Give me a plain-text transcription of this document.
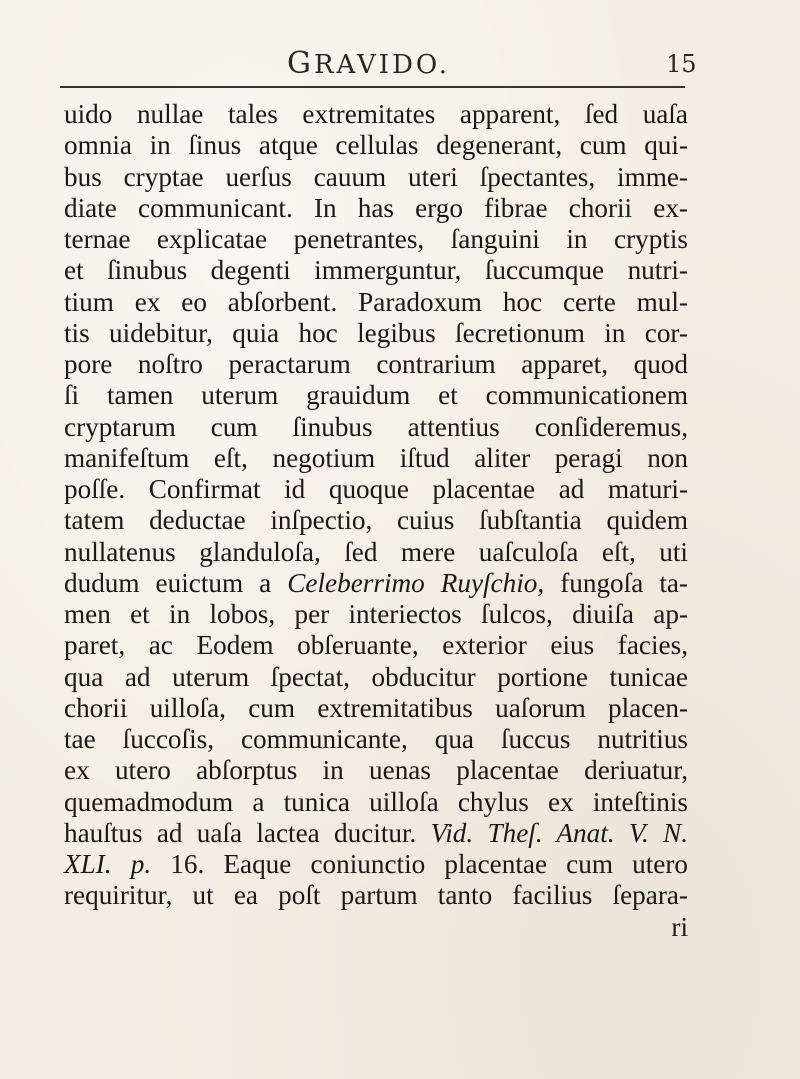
GRAVIDO.	15
uido nullae tales extremitates apparent, ſed uaſa
omnia in ſinus atque cellulas degenerant, cum qui-
bus cryptae uerſus cauum uteri ſpectantes, imme-
diate communicant. In has ergo fibrae chorii ex-
ternae explicatae penetrantes, ſanguini in cryptis
et ſinubus degenti immerguntur, ſuccumque nutri-
tium ex eo abſorbent. Paradoxum hoc certe mul-
tis uidebitur, quia hoc legibus ſecretionum in cor-
pore noſtro peractarum contrarium apparet, quod
ſi tamen uterum grauidum et communicationem
cryptarum cum ſinubus attentius conſideremus,
manifeſtum eſt, negotium iſtud aliter peragi non
poſſe. Confirmat id quoque placentae ad maturi-
tatem deductae inſpectio, cuius ſubſtantia quidem
nullatenus glanduloſa, ſed mere uaſculoſa eſt, uti
dudum euictum a Celeberrimo Ruyſchio, fungoſa ta-
men et in lobos, per interiectos ſulcos, diuiſa ap-
paret, ac Eodem obſeruante, exterior eius facies,
qua ad uterum ſpectat, obducitur portione tunicae
chorii uilloſa, cum extremitatibus uaſorum placen-
tae ſuccoſis, communicante, qua ſuccus nutritius
ex utero abſorptus in uenas placentae deriuatur,
quemadmodum a tunica uilloſa chylus ex inteſtinis
hauſtus ad uaſa lactea ducitur. Vid. Theſ. Anat. V. N.
XLI. p. 16. Eaque coniunctio placentae cum utero
requiritur, ut ea poſt partum tanto facilius ſepara-
ri
